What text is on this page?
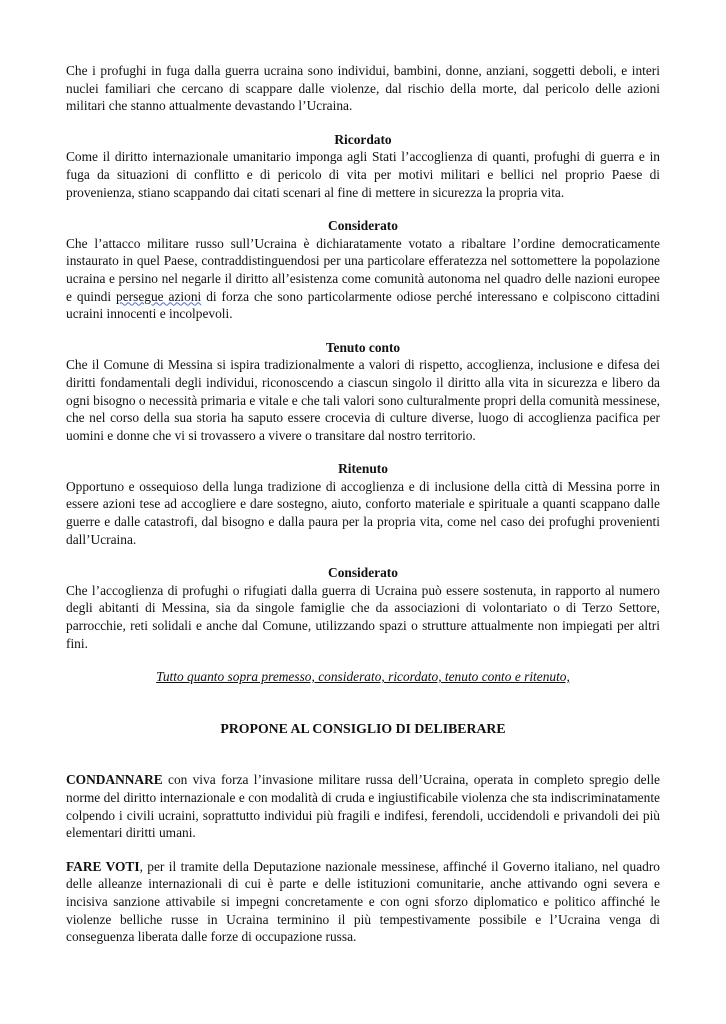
Che i profughi in fuga dalla guerra ucraina sono individui, bambini, donne, anziani, soggetti deboli, e interi nuclei familiari che cercano di scappare dalle violenze, dal rischio della morte, dal pericolo delle azioni militari che stanno attualmente devastando l’Ucraina.

Ricordato

Come il diritto internazionale umanitario imponga agli Stati l’accoglienza di quanti, profughi di guerra e in fuga da situazioni di conflitto e di pericolo di vita per motivi militari e bellici nel proprio Paese di provenienza, stiano scappando dai citati scenari al fine di mettere in sicurezza la propria vita.

Considerato

Che l’attacco militare russo sull’Ucraina è dichiaratamente votato a ribaltare l’ordine democraticamente instaurato in quel Paese, contraddistinguendosi per una particolare efferatezza nel sottomettere la popolazione ucraina e persino nel negarle il diritto all’esistenza come comunità autonoma nel quadro delle nazioni europee e quindi persegue azioni di forza che sono particolarmente odiose perché interessano e colpiscono cittadini ucraini innocenti e incolpevoli.

Tenuto conto

Che il Comune di Messina si ispira tradizionalmente a valori di rispetto, accoglienza, inclusione e difesa dei diritti fondamentali degli individui, riconoscendo a ciascun singolo il diritto alla vita in sicurezza e libero da ogni bisogno o necessità primaria e vitale e che tali valori sono culturalmente propri della comunità messinese, che nel corso della sua storia ha saputo essere crocevia di culture diverse, luogo di accoglienza pacifica per uomini e donne che vi si trovassero a vivere o transitare dal nostro territorio.

Ritenuto

Opportuno e ossequioso della lunga tradizione di accoglienza e di inclusione della città di Messina porre in essere azioni tese ad accogliere e dare sostegno, aiuto, conforto materiale e spirituale a quanti scappano dalle guerre e dalle catastrofi, dal bisogno e dalla paura per la propria vita, come nel caso dei profughi provenienti dall’Ucraina.

Considerato

Che l’accoglienza di profughi o rifugiati dalla guerra di Ucraina può essere sostenuta, in rapporto al numero degli abitanti di Messina, sia da singole famiglie che da associazioni di volontariato o di Terzo Settore, parrocchie, reti solidali e anche dal Comune, utilizzando spazi o strutture attualmente non impiegati per altri fini.

Tutto quanto sopra premesso, considerato, ricordato, tenuto conto e ritenuto,

PROPONE AL CONSIGLIO DI DELIBERARE

CONDANNARE con viva forza l’invasione militare russa dell’Ucraina, operata in completo spregio delle norme del diritto internazionale e con modalità di cruda e ingiustificabile violenza che sta indiscriminatamente colpendo i civili ucraini, soprattutto individui più fragili e indifesi, ferendoli, uccidendoli e privandoli dei più elementari diritti umani.

FARE VOTI, per il tramite della Deputazione nazionale messinese, affinché il Governo italiano, nel quadro delle alleanze internazionali di cui è parte e delle istituzioni comunitarie, anche attivando ogni severa e incisiva sanzione attivabile si impegni concretamente e con ogni sforzo diplomatico e politico affinché le violenze belliche russe in Ucraina terminino il più tempestivamente possibile e l’Ucraina venga di conseguenza liberata dalle forze di occupazione russa.
